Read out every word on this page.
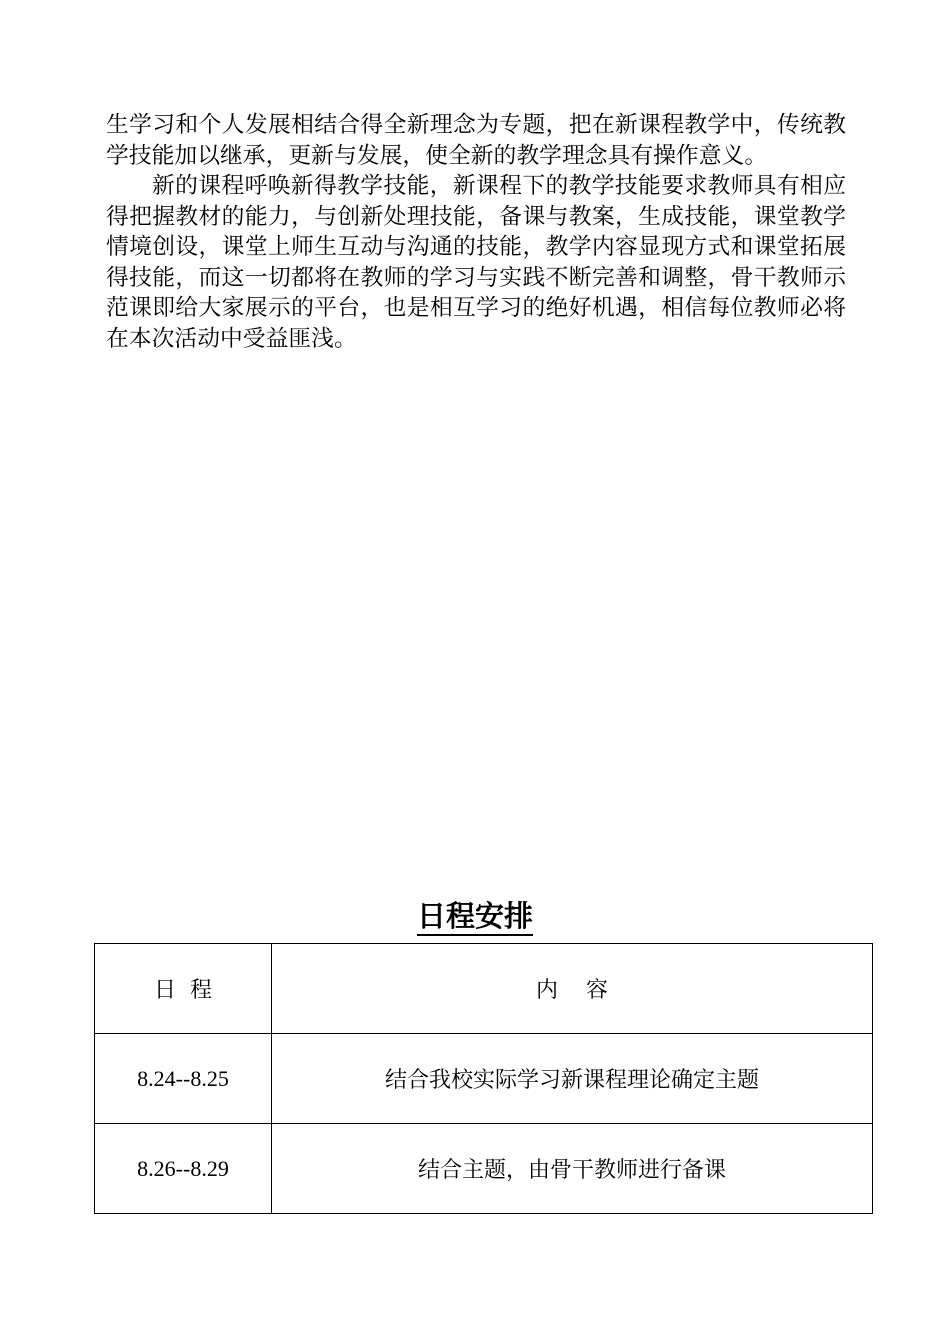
生学习和个人发展相结合得全新理念为专题，把在新课程教学中，传统教学技能加以继承，更新与发展，使全新的教学理念具有操作意义。

新的课程呼唤新得教学技能，新课程下的教学技能要求教师具有相应得把握教材的能力，与创新处理技能，备课与教案，生成技能，课堂教学情境创设，课堂上师生互动与沟通的技能，教学内容显现方式和课堂拓展得技能，而这一切都将在教师的学习与实践不断完善和调整，骨干教师示范课即给大家展示的平台，也是相互学习的绝好机遇，相信每位教师必将在本次活动中受益匪浅。

日程安排
日  程	内    容
8.24--8.25	结合我校实际学习新课程理论确定主题
8.26--8.29	结合主题，由骨干教师进行备课
